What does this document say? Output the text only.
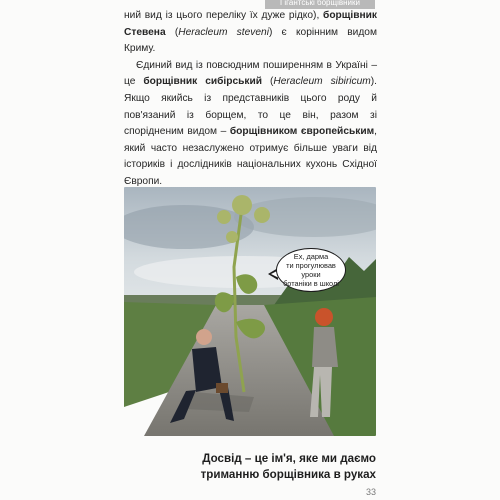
Гігантські борщівники

ний вид із цього переліку їх дуже рідко), борщівник Стевена (Heracleum steveni) є корінним видом Криму.

Єдиний вид із повсюдним поширенням в Україні – це борщівник сибірський (Heracleum sibiricum). Якщо якийсь із представників цього роду й пов'язаний із борщем, то це він, разом зі спорідненим видом – борщівником європейським, який часто незаслужено отримує більше уваги від істориків і дослідників національних кухонь Східної Європи.

Ех, дарма
ти прогулював уроки
ботаніки в школі
Досвід – це ім'я, яке ми даємо
триманню борщівника в руках
33
